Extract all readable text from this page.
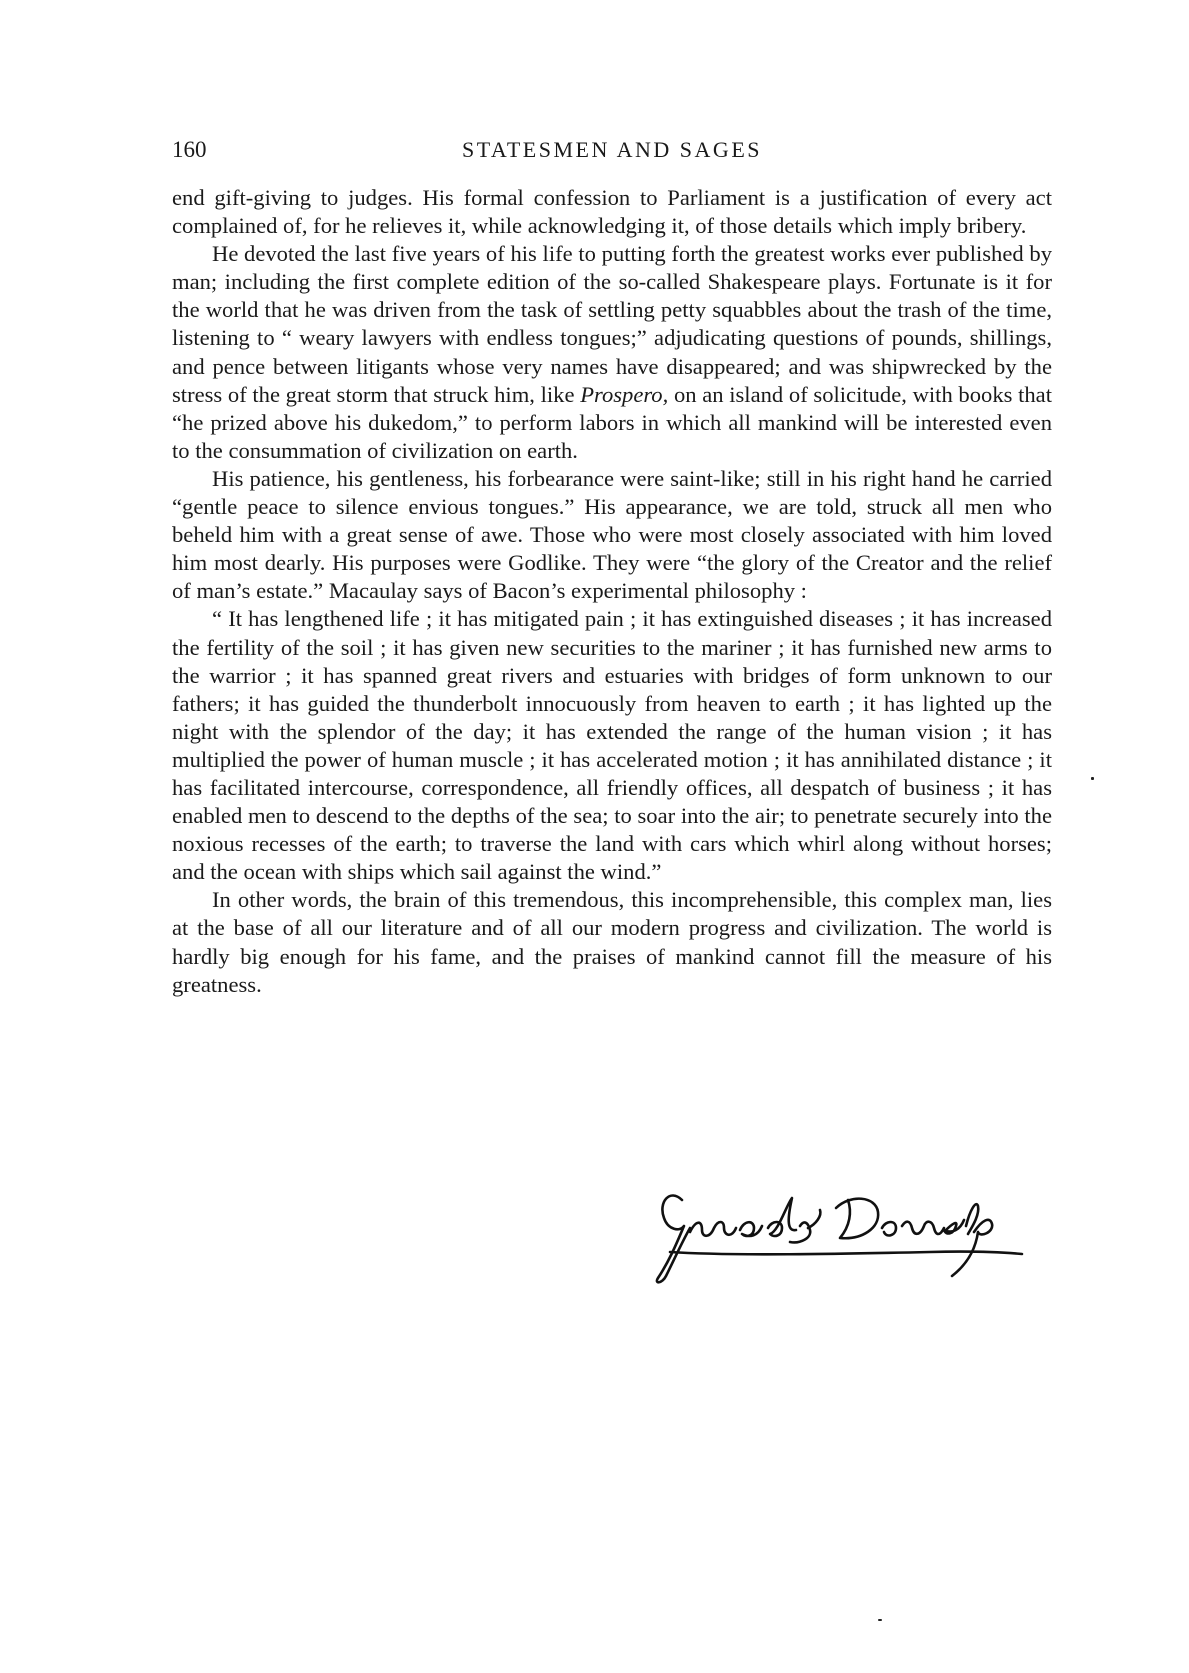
160	STATESMEN AND SAGES

end gift-giving to judges. His formal confession to Parliament is a justification of every act complained of, for he relieves it, while acknowledging it, of those details which imply bribery.

He devoted the last five years of his life to putting forth the greatest works ever published by man; including the first complete edition of the so-called Shakespeare plays. Fortunate is it for the world that he was driven from the task of settling petty squabbles about the trash of the time, listening to “ weary lawyers with endless tongues;” adjudicating questions of pounds, shillings, and pence between litigants whose very names have disappeared; and was shipwrecked by the stress of the great storm that struck him, like Prospero, on an island of solicitude, with books that “he prized above his dukedom,” to perform labors in which all mankind will be interested even to the consummation of civilization on earth.

His patience, his gentleness, his forbearance were saint-like; still in his right hand he carried “gentle peace to silence envious tongues.” His appearance, we are told, struck all men who beheld him with a great sense of awe. Those who were most closely associated with him loved him most dearly. His purposes were Godlike. They were “the glory of the Creator and the relief of man’s estate.” Macaulay says of Bacon’s experimental philosophy :

“ It has lengthened life ; it has mitigated pain ; it has extinguished diseases ; it has increased the fertility of the soil ; it has given new securities to the mariner ; it has furnished new arms to the warrior ; it has spanned great rivers and estuaries with bridges of form unknown to our fathers; it has guided the thunderbolt innocuously from heaven to earth ; it has lighted up the night with the splendor of the day; it has extended the range of the human vision ; it has multiplied the power of human muscle ; it has accelerated motion ; it has annihilated distance ; it has facilitated intercourse, correspondence, all friendly offices, all despatch of business ; it has enabled men to descend to the depths of the sea; to soar into the air; to penetrate securely into the noxious recesses of the earth; to traverse the land with cars which whirl along without horses; and the ocean with ships which sail against the wind.”

In other words, the brain of this tremendous, this incomprehensible, this complex man, lies at the base of all our literature and of all our modern progress and civilization. The world is hardly big enough for his fame, and the praises of mankind cannot fill the measure of his greatness.
